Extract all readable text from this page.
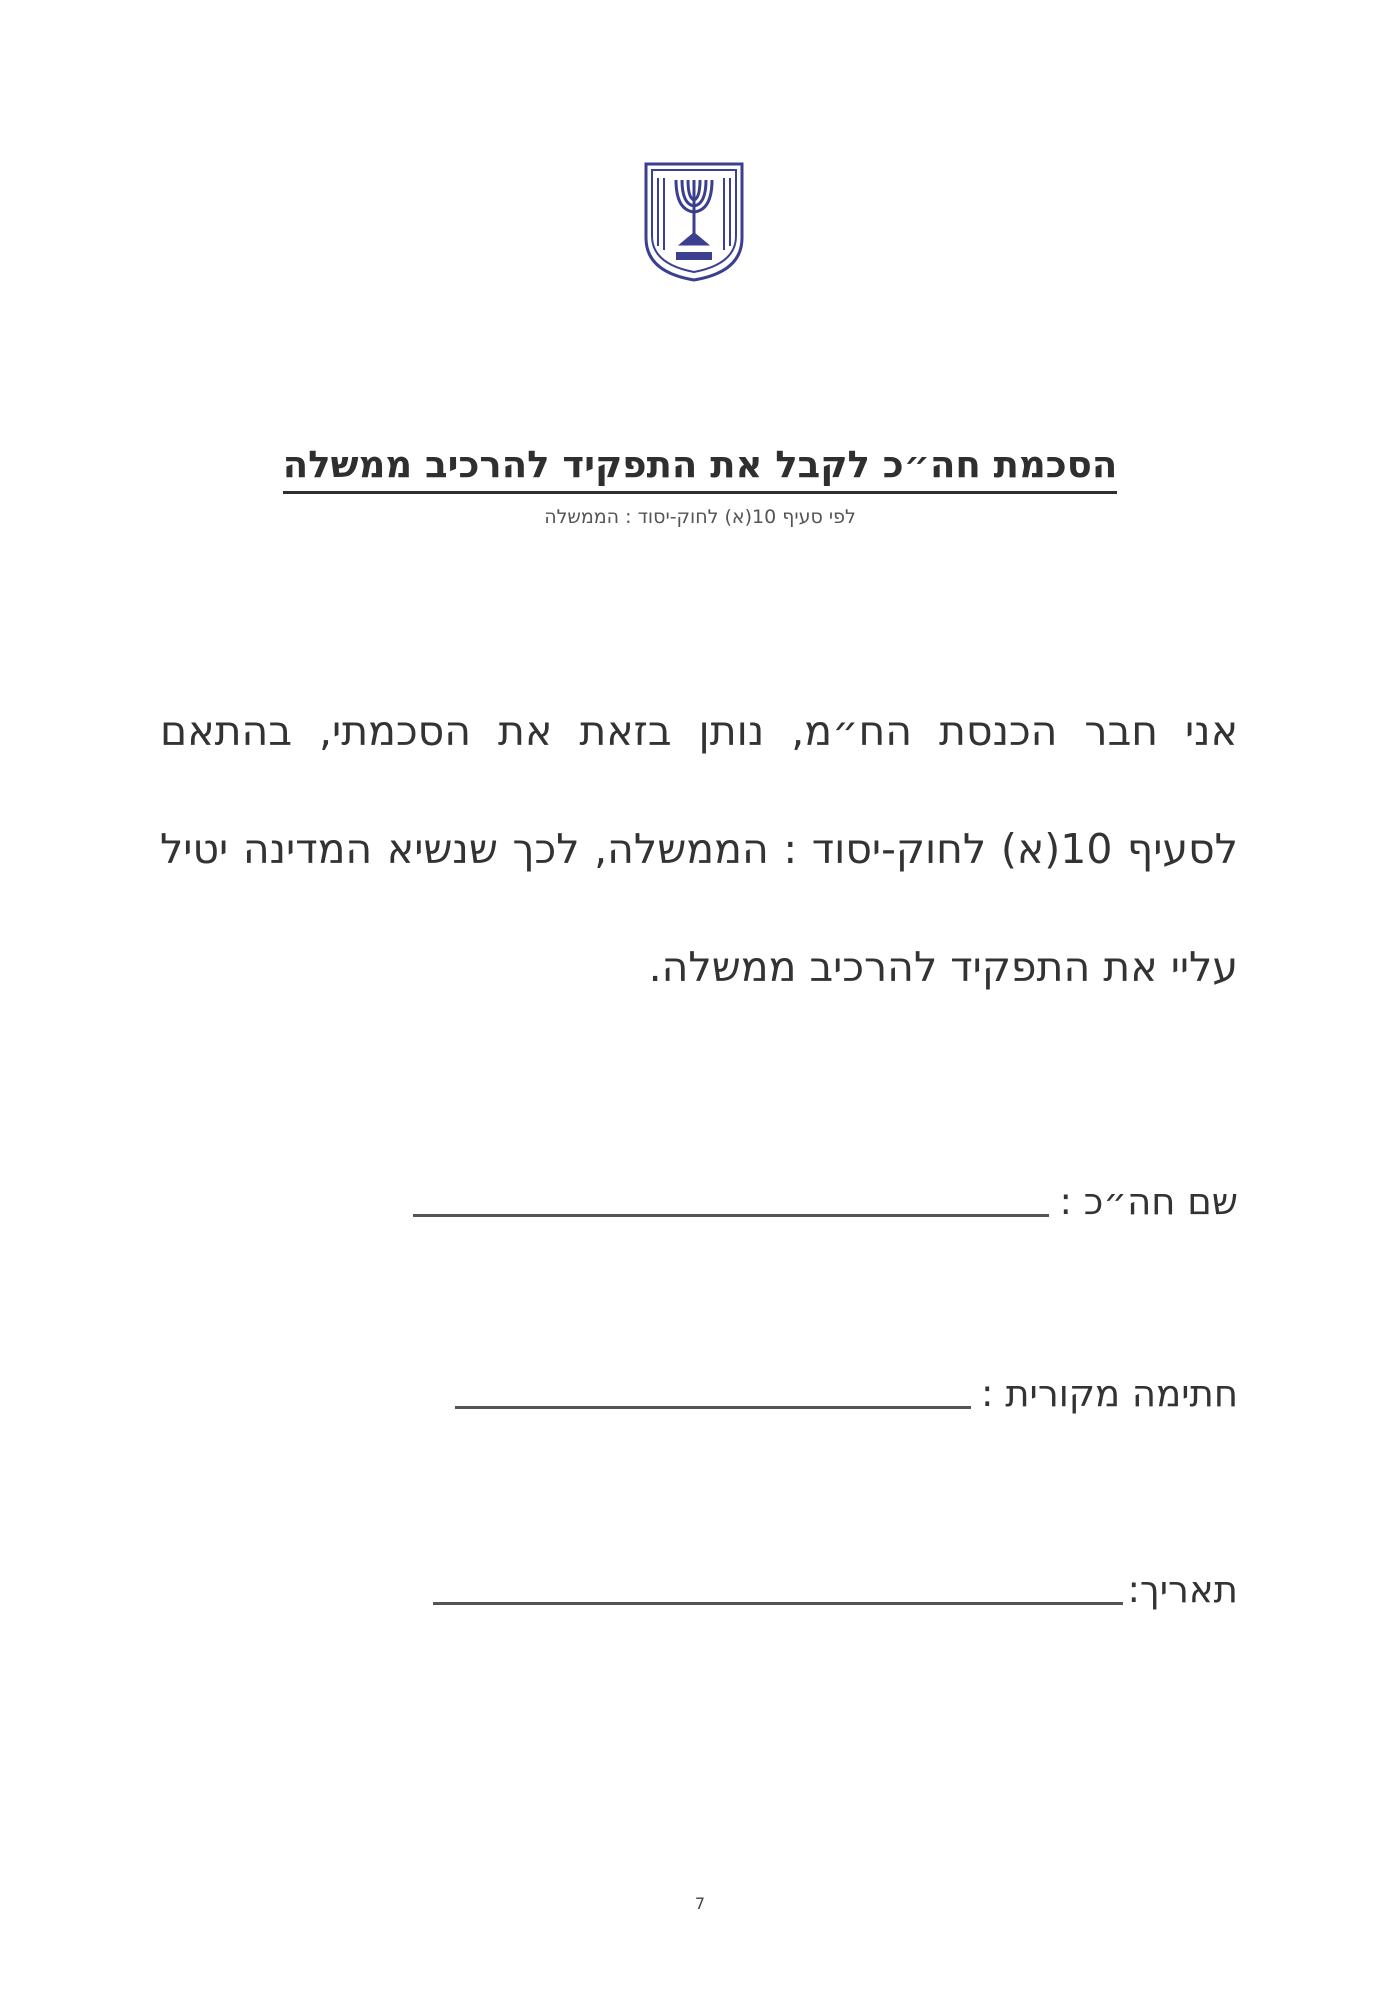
הסכמת חה״כ לקבל את התפקיד להרכיב ממשלה
לפי סעיף 10(א) לחוק-יסוד : הממשלה

אני חבר הכנסת הח״מ, נותן בזאת את הסכמתי, בהתאם
לסעיף 10(א) לחוק-יסוד : הממשלה, לכך שנשיא המדינה יטיל
עליי את התפקיד להרכיב ממשלה.

שם חה״כ :
חתימה מקורית :
תאריך:
7
